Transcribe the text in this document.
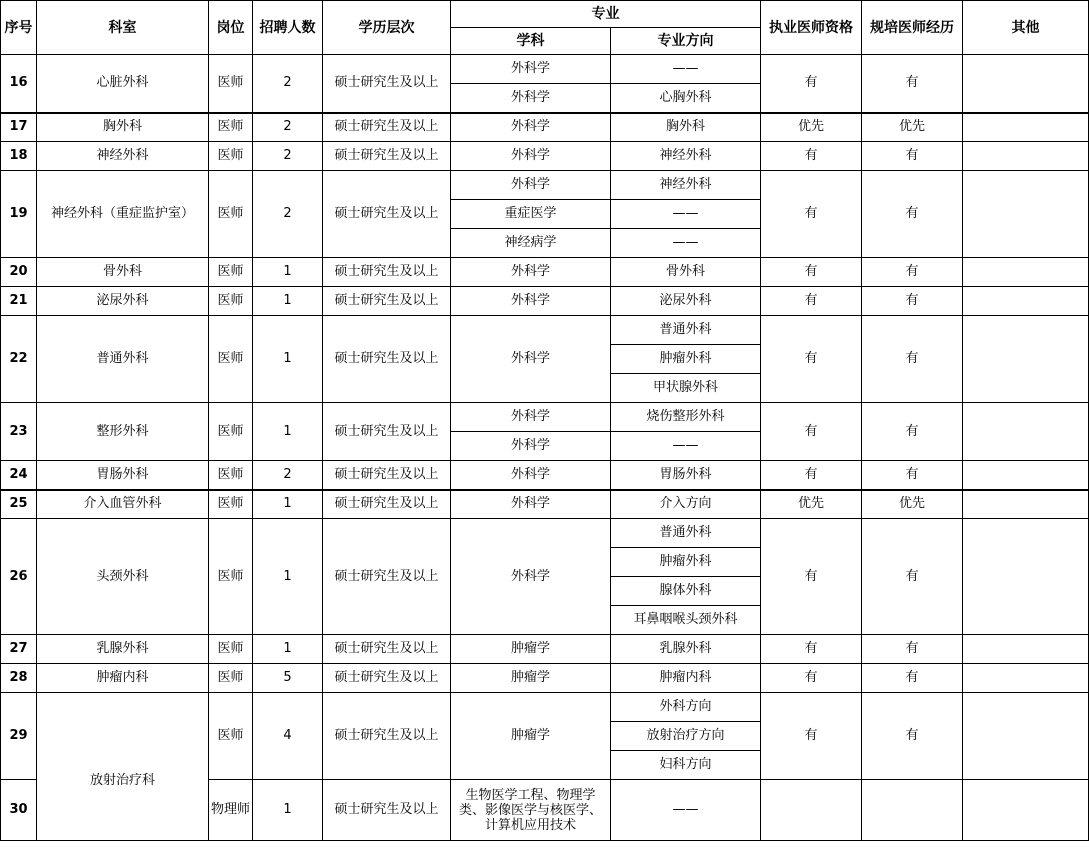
序号	科室	岗位	招聘人数	学历层次	专业		执业医师资格	规培医师经历	其他
					学科	专业方向			
16	心脏外科	医师	2	硕士研究生及以上	外科学	——	有	有	
					外科学	心胸外科			
17	胸外科	医师	2	硕士研究生及以上	外科学	胸外科	优先	优先	
18	神经外科	医师	2	硕士研究生及以上	外科学	神经外科	有	有	
19	神经外科（重症监护室）	医师	2	硕士研究生及以上	外科学	神经外科	有	有	
					重症医学	——			
					神经病学	——			
20	骨外科	医师	1	硕士研究生及以上	外科学	骨外科	有	有	
21	泌尿外科	医师	1	硕士研究生及以上	外科学	泌尿外科	有	有	
22	普通外科	医师	1	硕士研究生及以上	外科学	普通外科	有	有	
						肿瘤外科			
						甲状腺外科			
23	整形外科	医师	1	硕士研究生及以上	外科学	烧伤整形外科	有	有	
					外科学	——			
24	胃肠外科	医师	2	硕士研究生及以上	外科学	胃肠外科	有	有	
25	介入血管外科	医师	1	硕士研究生及以上	外科学	介入方向	优先	优先	
26	头颈外科	医师	1	硕士研究生及以上	外科学	普通外科	有	有	
						肿瘤外科			
						腺体外科			
						耳鼻咽喉头颈外科			
27	乳腺外科	医师	1	硕士研究生及以上	肿瘤学	乳腺外科	有	有	
28	肿瘤内科	医师	5	硕士研究生及以上	肿瘤学	肿瘤内科	有	有	
29	放射治疗科	医师	4	硕士研究生及以上	肿瘤学	外科方向	有	有	
						放射治疗方向			
						妇科方向			
30		物理师	1	硕士研究生及以上	生物医学工程、物理学类、影像医学与核医学、计算机应用技术	——			
